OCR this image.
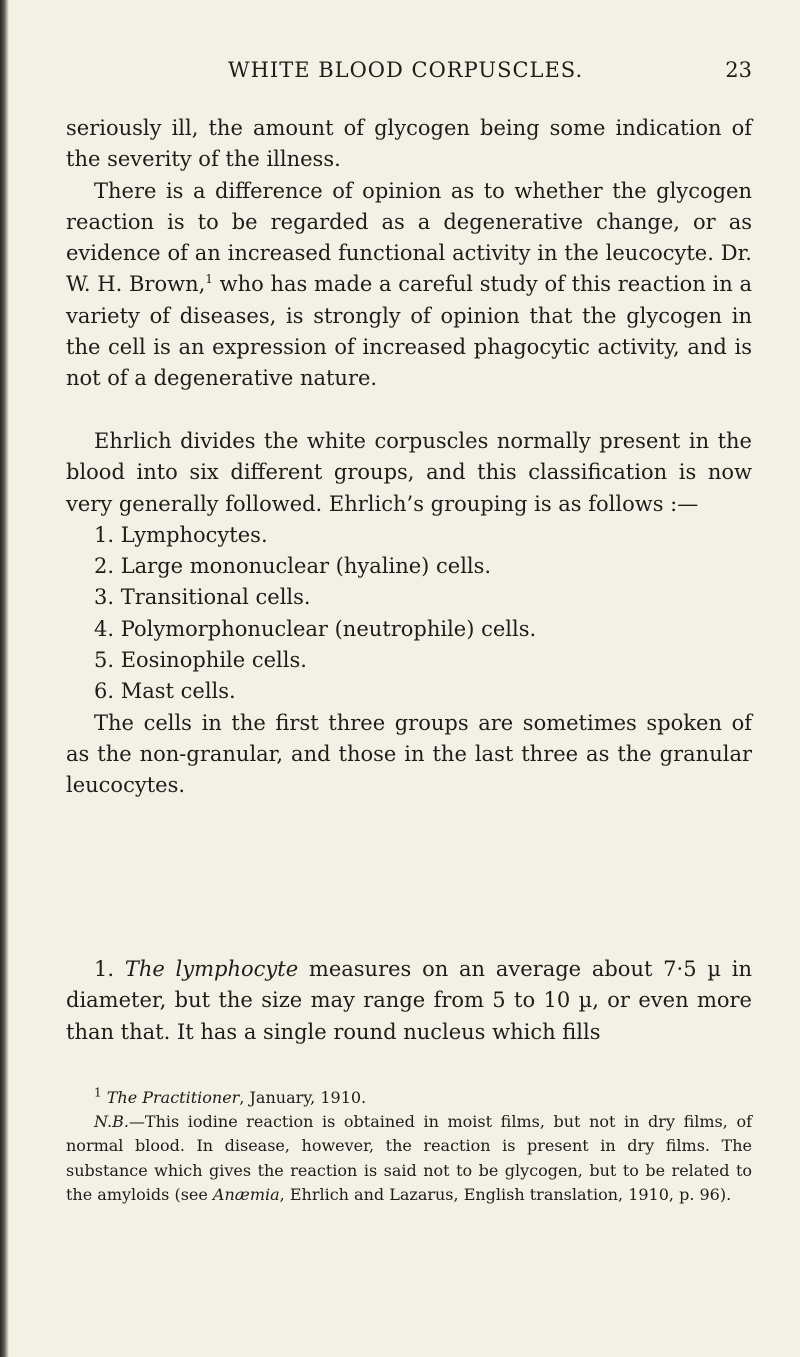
WHITE BLOOD CORPUSCLES.	23

seriously ill, the amount of glycogen being some indication of the severity of the illness.

There is a difference of opinion as to whether the glycogen reaction is to be regarded as a degenerative change, or as evidence of an increased functional activity in the leucocyte. Dr. W. H. Brown,$^1$ who has made a careful study of this reaction in a variety of diseases, is strongly of opinion that the glycogen in the cell is an expression of increased phagocytic activity, and is not of a degenerative nature.

Ehrlich divides the white corpuscles normally present in the blood into six different groups, and this classification is now very generally followed. Ehrlich’s grouping is as follows :—

1. Lymphocytes.
2. Large mononuclear (hyaline) cells.
3. Transitional cells.
4. Polymorphonuclear (neutrophile) cells.
5. Eosinophile cells.
6. Mast cells.

The cells in the first three groups are sometimes spoken of as the non-granular, and those in the last three as the granular leucocytes.

1. The lymphocyte measures on an average about 7·5 µ in diameter, but the size may range from 5 to 10 µ, or even more than that. It has a single round nucleus which fills

$^1$ The Practitioner, January, 1910.

N.B.—This iodine reaction is obtained in moist films, but not in dry films, of normal blood. In disease, however, the reaction is present in dry films. The substance which gives the reaction is said not to be glycogen, but to be related to the amyloids (see Anæmia, Ehrlich and Lazarus, English translation, 1910, p. 96).
